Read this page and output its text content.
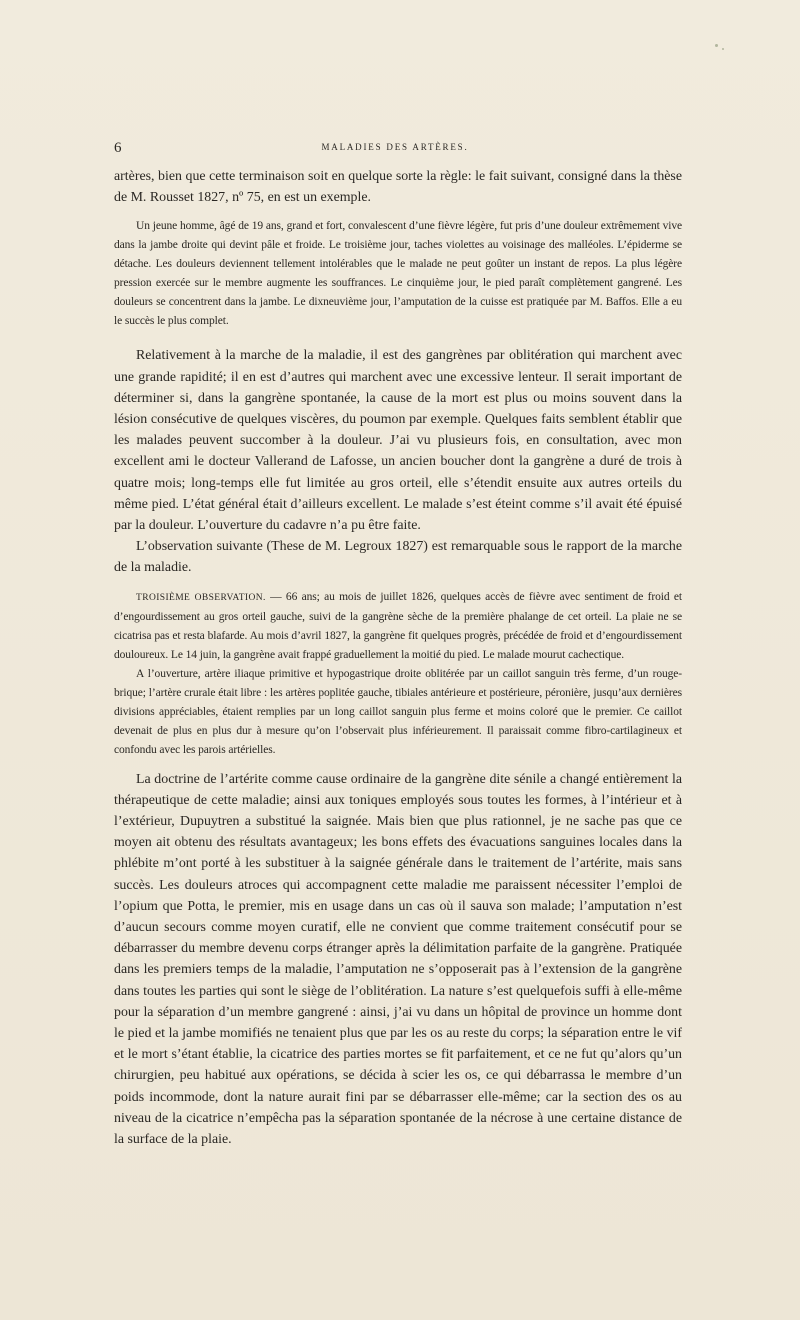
6	MALADIES DES ARTÈRES.

artères, bien que cette terminaison soit en quelque sorte la règle: le fait suivant, consigné dans la thèse de M. Rousset 1827, nº 75, en est un exemple.

Un jeune homme, âgé de 19 ans, grand et fort, convalescent d’une fièvre légère, fut pris d’une douleur extrêmement vive dans la jambe droite qui devint pâle et froide. Le troisième jour, taches violettes au voisinage des malléoles. L’épiderme se détache. Les douleurs deviennent tellement intolérables que le malade ne peut goûter un instant de repos. La plus légère pression exercée sur le membre augmente les souffrances. Le cinquième jour, le pied paraît complètement gangrené. Les douleurs se concentrent dans la jambe. Le dixneuvième jour, l’amputation de la cuisse est pratiquée par M. Baffos. Elle a eu le succès le plus complet.

Relativement à la marche de la maladie, il est des gangrènes par oblitération qui marchent avec une grande rapidité; il en est d’autres qui marchent avec une excessive lenteur. Il serait important de déterminer si, dans la gangrène spontanée, la cause de la mort est plus ou moins souvent dans la lésion consécutive de quelques viscères, du poumon par exemple. Quelques faits semblent établir que les malades peuvent succomber à la douleur. J’ai vu plusieurs fois, en consultation, avec mon excellent ami le docteur Vallerand de Lafosse, un ancien boucher dont la gangrène a duré de trois à quatre mois; long-temps elle fut limitée au gros orteil, elle s’étendit ensuite aux autres orteils du même pied. L’état général était d’ailleurs excellent. Le malade s’est éteint comme s’il avait été épuisé par la douleur. L’ouverture du cadavre n’a pu être faite.

L’observation suivante (These de M. Legroux 1827) est remarquable sous le rapport de la marche de la maladie.

TROISIÈME OBSERVATION. — 66 ans; au mois de juillet 1826, quelques accès de fièvre avec sentiment de froid et d’engourdissement au gros orteil gauche, suivi de la gangrène sèche de la première phalange de cet orteil. La plaie ne se cicatrisa pas et resta blafarde. Au mois d’avril 1827, la gangrène fit quelques progrès, précédée de froid et d’engourdissement douloureux. Le 14 juin, la gangrène avait frappé graduellement la moitié du pied. Le malade mourut cachectique.

A l’ouverture, artère iliaque primitive et hypogastrique droite oblitérée par un caillot sanguin très ferme, d’un rouge-brique; l’artère crurale était libre : les artères poplitée gauche, tibiales antérieure et postérieure, péronière, jusqu’aux dernières divisions appréciables, étaient remplies par un long caillot sanguin plus ferme et moins coloré que le premier. Ce caillot devenait de plus en plus dur à mesure qu’on l’observait plus inférieurement. Il paraissait comme fibro-cartilagineux et confondu avec les parois artérielles.

La doctrine de l’artérite comme cause ordinaire de la gangrène dite sénile a changé entièrement la thérapeutique de cette maladie; ainsi aux toniques employés sous toutes les formes, à l’intérieur et à l’extérieur, Dupuytren a substitué la saignée. Mais bien que plus rationnel, je ne sache pas que ce moyen ait obtenu des résultats avantageux; les bons effets des évacuations sanguines locales dans la phlébite m’ont porté à les substituer à la saignée générale dans le traitement de l’artérite, mais sans succès. Les douleurs atroces qui accompagnent cette maladie me paraissent nécessiter l’emploi de l’opium que Potta, le premier, mis en usage dans un cas où il sauva son malade; l’amputation n’est d’aucun secours comme moyen curatif, elle ne convient que comme traitement consécutif pour se débarrasser du membre devenu corps étranger après la délimitation parfaite de la gangrène. Pratiquée dans les premiers temps de la maladie, l’amputation ne s’opposerait pas à l’extension de la gangrène dans toutes les parties qui sont le siège de l’oblitération. La nature s’est quelquefois suffi à elle-même pour la séparation d’un membre gangrené : ainsi, j’ai vu dans un hôpital de province un homme dont le pied et la jambe momifiés ne tenaient plus que par les os au reste du corps; la séparation entre le vif et le mort s’étant établie, la cicatrice des parties mortes se fit parfaitement, et ce ne fut qu’alors qu’un chirurgien, peu habitué aux opérations, se décida à scier les os, ce qui débarrassa le membre d’un poids incommode, dont la nature aurait fini par se débarrasser elle-même; car la section des os au niveau de la cicatrice n’empêcha pas la séparation spontanée de la nécrose à une certaine distance de la surface de la plaie.
